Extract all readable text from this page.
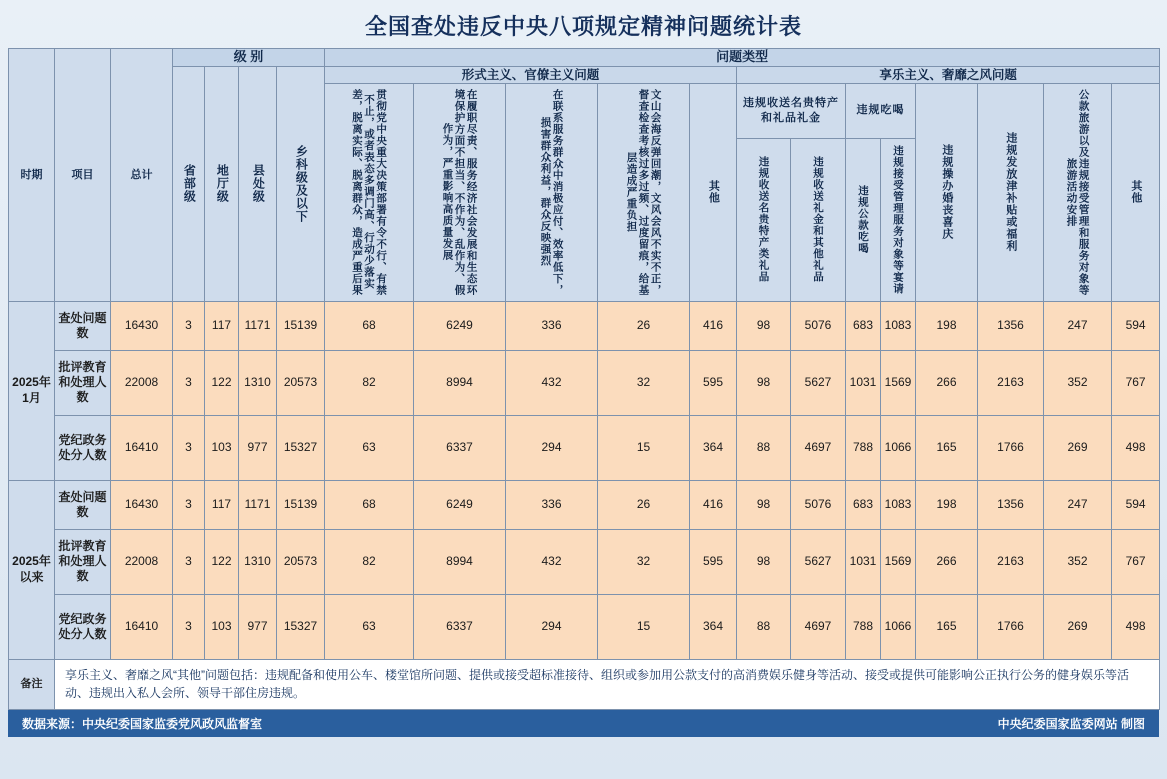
全国查处违反中央八项规定精神问题统计表
时期	项目	总计	级 别				问题类型												

			省部级	地厅级	县处级	乡科级及以下	形式主义、官僚主义问题					享乐主义、奢靡之风问题							

							贯彻党中央重大决策部署有令不行、有禁不止，或者表态多调门高、行动少落实差，脱离实际、脱离群众，造成严重后果	在履职尽责、服务经济社会发展和生态环境保护方面不担当、不作为、乱作为、假作为，严重影响高质量发展	在联系服务群众中消极应付、效率低下，损害群众利益，群众反映强烈	文山会海反弹回潮，文风会风不实不正，督查检查考核过多过频、过度留痕，给基层造成严重负担	其他	违规收送名贵特产和礼品礼金		违规吃喝		违规操办婚丧喜庆	违规发放津补贴或福利	公款旅游以及违规接受管理和服务对象等旅游活动安排	其他

												违规收送名贵特产类礼品	违规收送礼金和其他礼品	违规公款吃喝	违规接受管理服务对象等宴请				

2025年1月	查处问题数	16430	3	117	1171	15139	68	6249	336	26	416	98	5076	683	1083	198	1356	247	594
	批评教育和处理人数	22008	3	122	1310	20573	82	8994	432	32	595	98	5627	1031	1569	266	2163	352	767
	党纪政务处分人数	16410	3	103	977	15327	63	6337	294	15	364	88	4697	788	1066	165	1766	269	498
2025年以来	查处问题数	16430	3	117	1171	15139	68	6249	336	26	416	98	5076	683	1083	198	1356	247	594
	批评教育和处理人数	22008	3	122	1310	20573	82	8994	432	32	595	98	5627	1031	1569	266	2163	352	767
	党纪政务处分人数	16410	3	103	977	15327	63	6337	294	15	364	88	4697	788	1066	165	1766	269	498
备注	享乐主义、奢靡之风“其他”问题包括：违规配备和使用公车、楼堂馆所问题、提供或接受超标准接待、组织或参加用公款支付的高消费娱乐健身等活动、接受或提供可能影响公正执行公务的健身娱乐等活动、违规出入私人会所、领导干部住房违规。																		
数据来源：中央纪委国家监委党风政风监督室	中央纪委国家监委网站 制图
